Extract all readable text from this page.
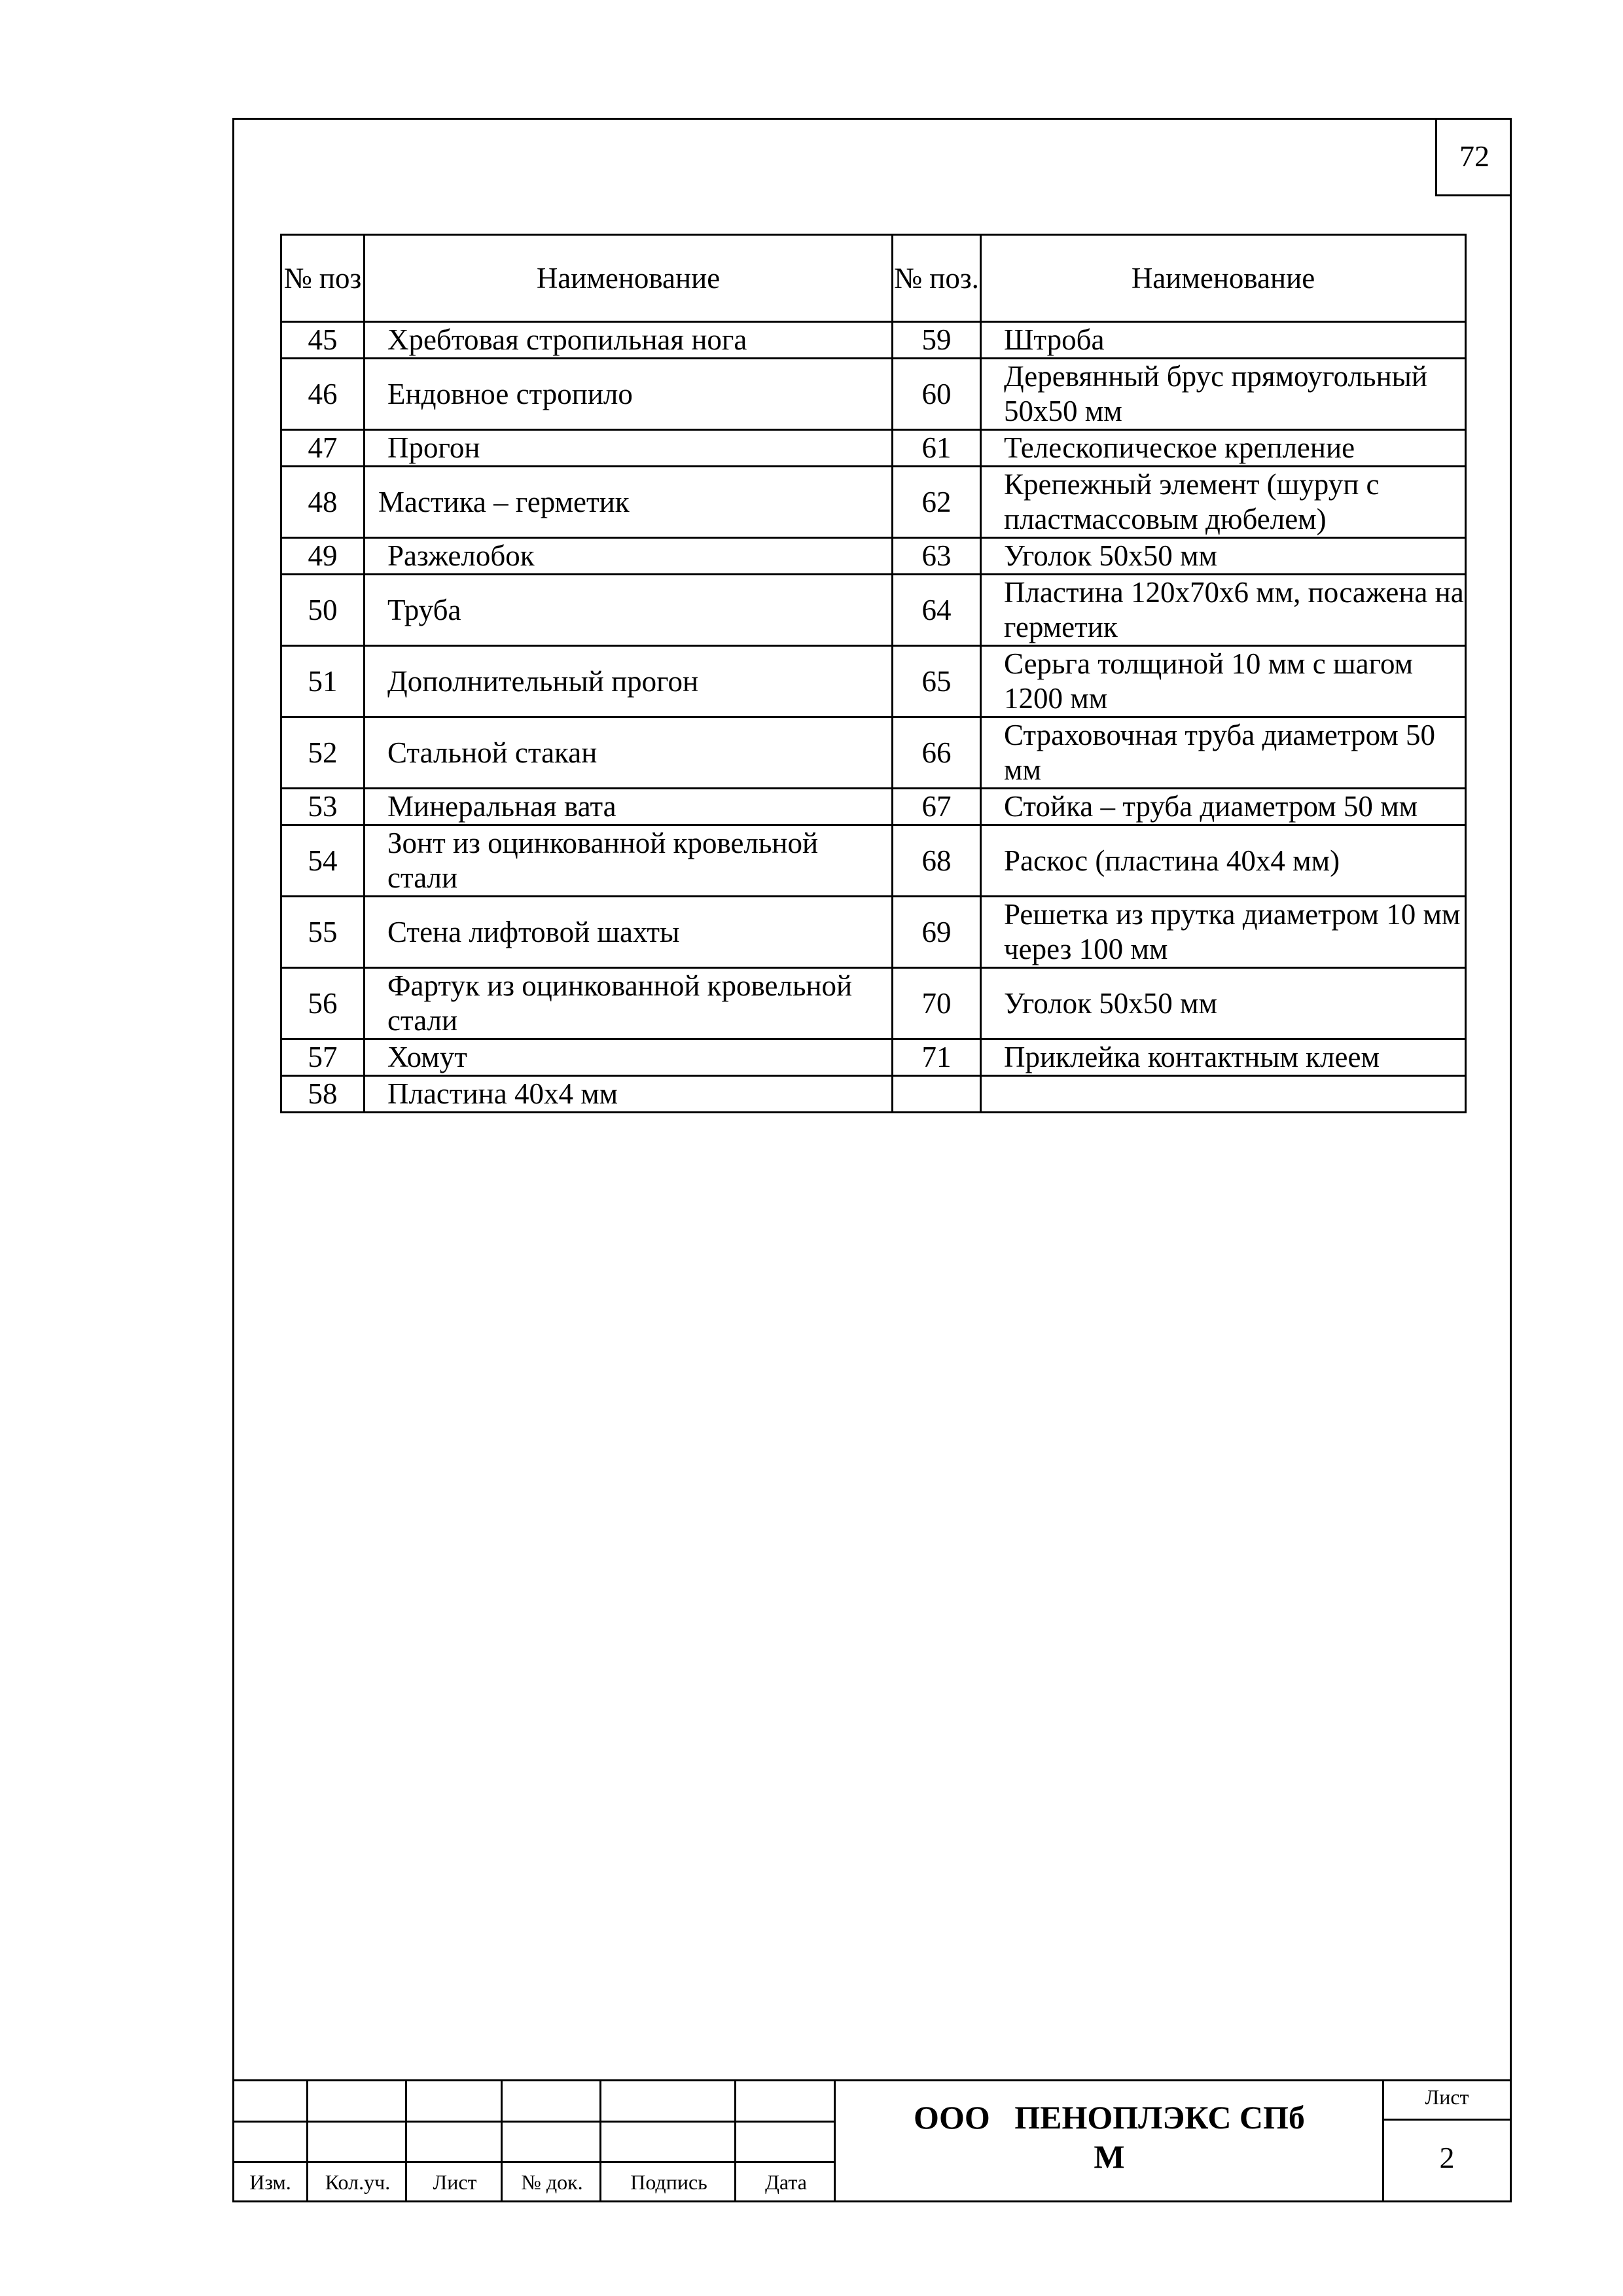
72
№ поз	Наименование	№ поз.	Наименование
45	Хребтовая стропильная нога	59	Штроба
46	Ендовное стропило	60	Деревянный брус прямоугольный 50х50 мм
47	Прогон	61	Телескопическое крепление
48	Мастика – герметик	62	Крепежный элемент (шуруп с пластмассовым дюбелем)
49	Разжелобок	63	Уголок 50х50 мм
50	Труба	64	Пластина 120х70х6 мм, посажена на герметик
51	Дополнительный прогон	65	Серьга толщиной 10 мм с шагом 1200 мм
52	Стальной стакан	66	Страховочная труба диаметром 50 мм
53	Минеральная вата	67	Стойка – труба диаметром 50 мм
54	Зонт из оцинкованной кровельной стали	68	Раскос (пластина 40х4 мм)
55	Стена лифтовой шахты	69	Решетка из прутка диаметром 10 мм через 100 мм
56	Фартук из оцинкованной кровельной стали	70	Уголок 50х50 мм
57	Хомут	71	Приклейка контактным клеем
58	Пластина 40х4 мм		
Изм.	Кол.уч.	Лист	№ док.	Подпись	Дата
ООО   ПЕНОПЛЭКС СПб
М
Лист
2
